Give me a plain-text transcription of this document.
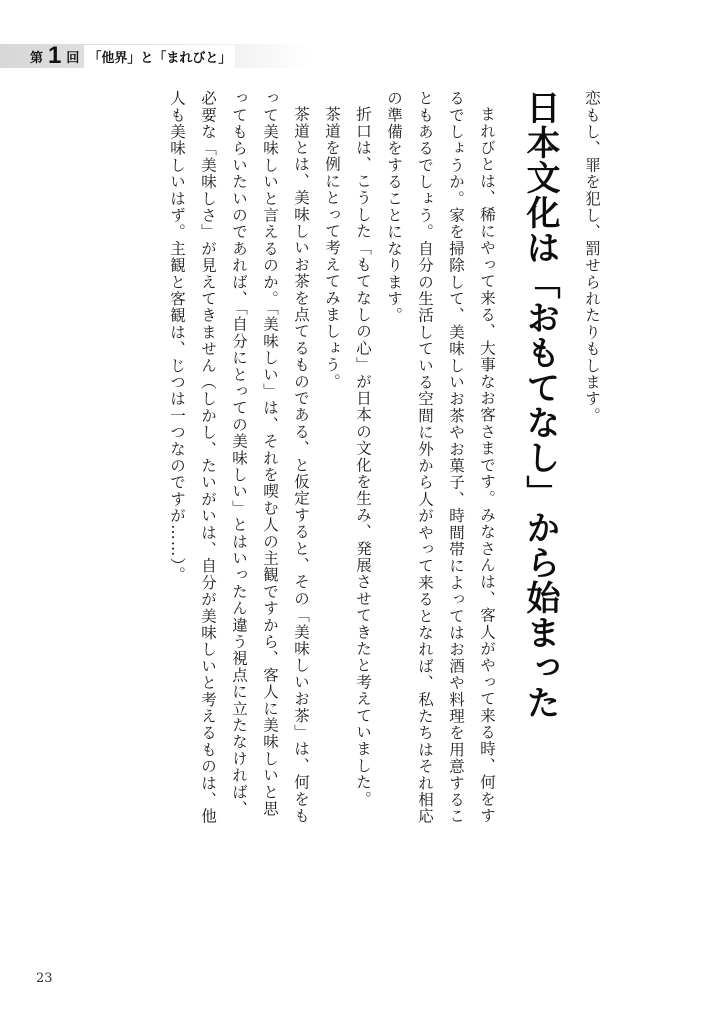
第 1 回 「他界」と「まれびと」

恋もし、罪を犯し、罰せられたりもします。

日本文化は「おもてなし」から始まった

まれびとは、稀にやって来る、大事なお客さまです。みなさんは、客人がやって来る時、何をするでしょうか。家を掃除して、美味しいお茶やお菓子、時間帯によってはお酒や料理を用意することもあるでしょう。自分の生活している空間に外から人がやって来るとなれば、私たちはそれ相応の準備をすることになります。

折口は、こうした「もてなしの心」が日本の文化を生み、発展させてきたと考えていました。

茶道を例にとって考えてみましょう。

茶道とは、美味しいお茶を点てるものである、と仮定すると、その「美味しいお茶」は、何をもって美味しいと言えるのか。「美味しい」は、それを喫む人の主観ですから、客人に美味しいと思ってもらいたいのであれば、「自分にとっての美味しい」とはいったん違う視点に立たなければ、必要な「美味しさ」が見えてきません（しかし、たいがいは、自分が美味しいと考えるものは、他人も美味しいはず。主観と客観は、じつは一つなのですが……）。

23
